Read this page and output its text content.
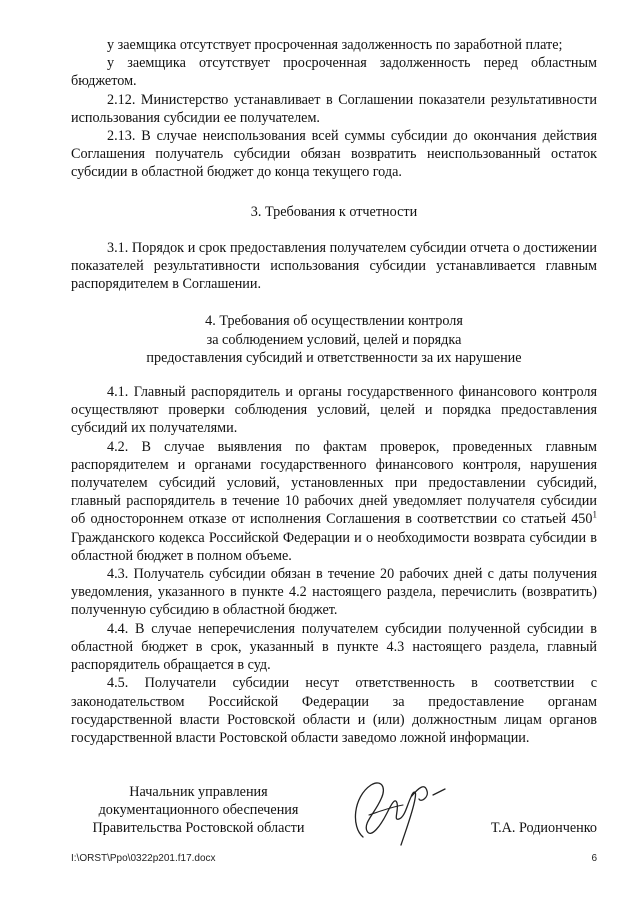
у заемщика отсутствует просроченная задолженность по заработной плате;

у заемщика отсутствует просроченная задолженность перед областным бюджетом.

2.12. Министерство устанавливает в Соглашении показатели результативности использования субсидии ее получателем.

2.13. В случае неиспользования всей суммы субсидии до окончания действия Соглашения получатель субсидии обязан возвратить неиспользованный остаток субсидии в областной бюджет до конца текущего года.

3. Требования к отчетности

3.1. Порядок и срок предоставления получателем субсидии отчета о достижении показателей результативности использования субсидии устанавливается главным распорядителем в Соглашении.

4. Требования об осуществлении контроля

за соблюдением условий, целей и порядка

предоставления субсидий и ответственности за их нарушение

4.1. Главный распорядитель и органы государственного финансового контроля осуществляют проверки соблюдения условий, целей и порядка предоставления субсидий их получателями.

4.2. В случае выявления по фактам проверок, проведенных главным распорядителем и органами государственного финансового контроля, нарушения получателем субсидий условий, установленных при предоставлении субсидий, главный распорядитель в течение 10 рабочих дней уведомляет получателя субсидии об одностороннем отказе от исполнения Соглашения в соответствии со статьей $450^1$ Гражданского кодекса Российской Федерации и о необходимости возврата субсидии в областной бюджет в полном объеме.

4.3. Получатель субсидии обязан в течение 20 рабочих дней с даты получения уведомления, указанного в пункте 4.2 настоящего раздела, перечислить (возвратить) полученную субсидию в областной бюджет.

4.4. В случае неперечисления получателем субсидии полученной субсидии в областной бюджет в срок, указанный в пункте 4.3 настоящего раздела, главный распорядитель обращается в суд.

4.5. Получатели субсидии несут ответственность в соответствии с законодательством Российской Федерации за предоставление органам государственной власти Ростовской области и (или) должностным лицам органов государственной власти Ростовской области заведомо ложной информации.

Начальник управления
документационного обеспечения
Правительства Ростовской области	Т.А. Родионченко
I:\ORST\Ppo\0322p201.f17.docx	6
